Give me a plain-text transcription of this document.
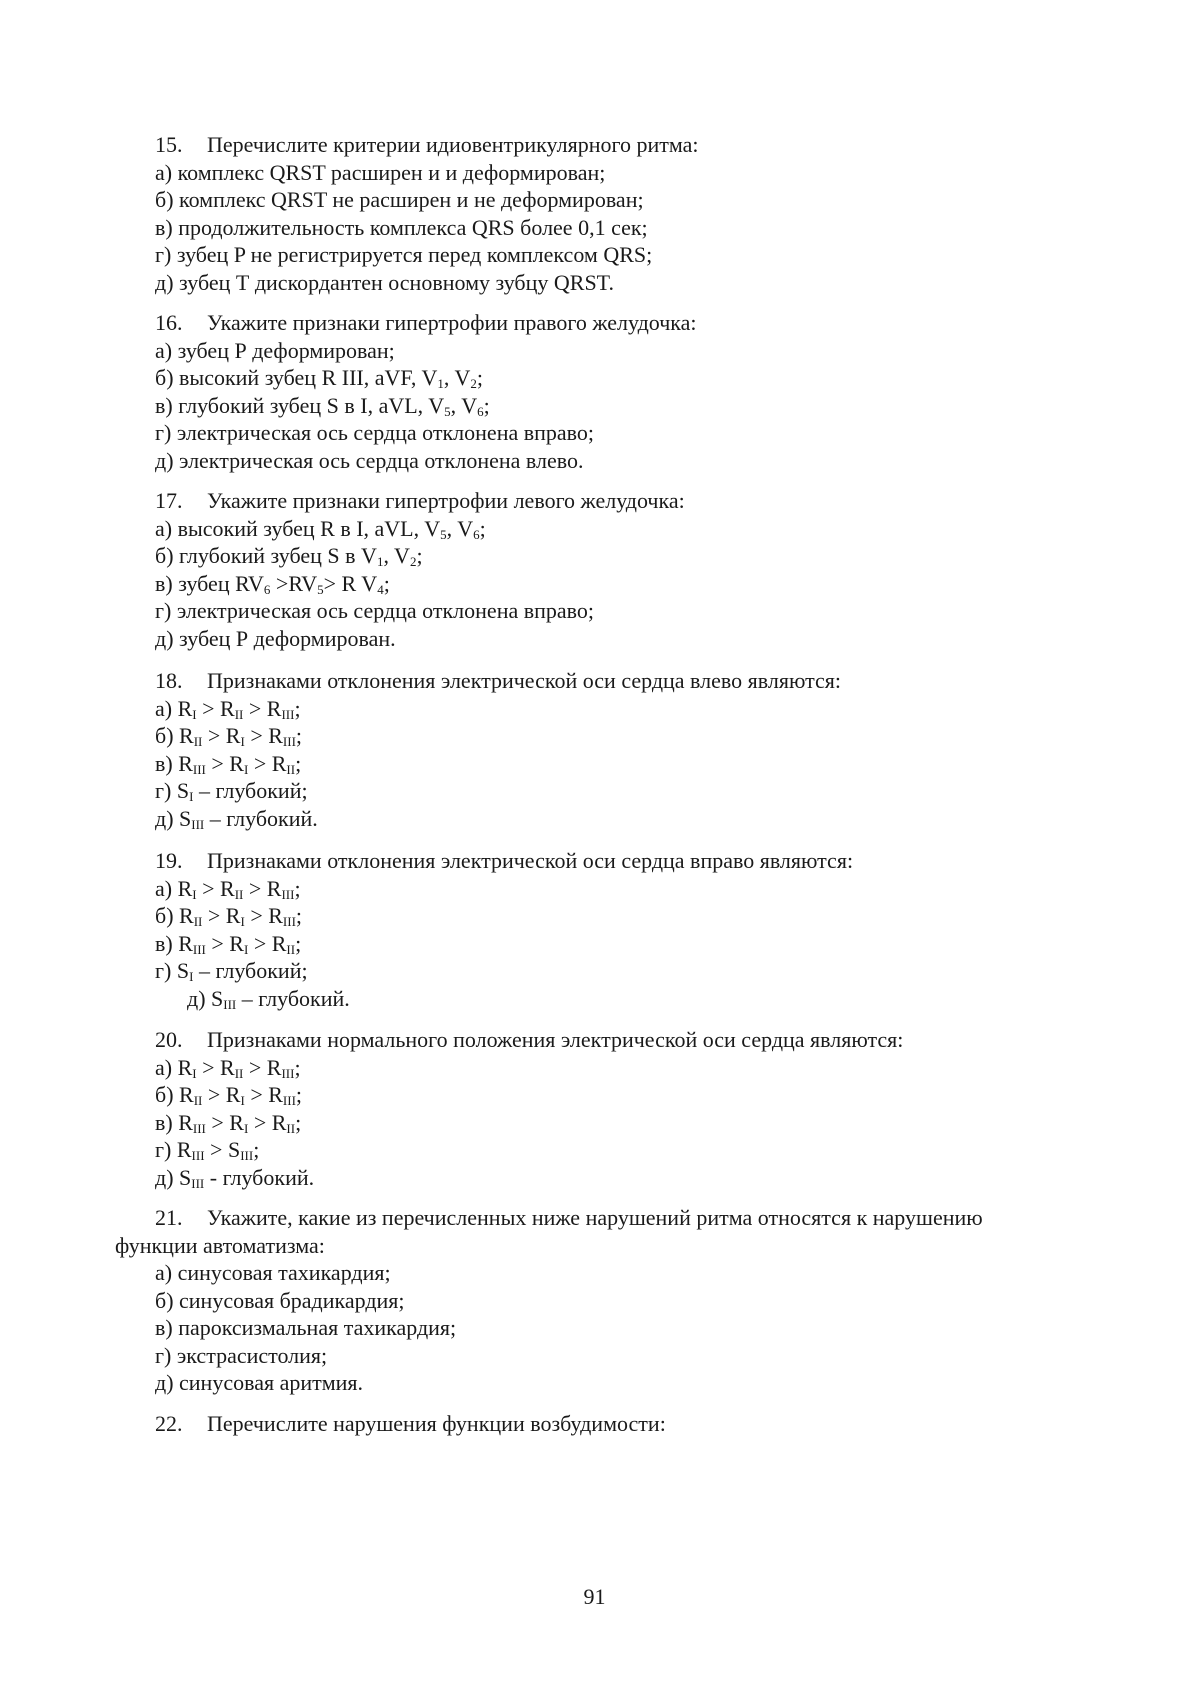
15. Перечислите критерии идиовентрикулярного ритма:
а) комплекс QRST расширен и и деформирован;
б) комплекс QRST не расширен и не деформирован;
в) продолжительность комплекса QRS более 0,1 сек;
г) зубец P не регистрируется перед комплексом QRS;
д) зубец Т дискордантен основному зубцу QRST.
16. Укажите признаки гипертрофии правого желудочка:
а) зубец Р деформирован;
б) высокий зубец R III, aVF, $V_1$, $V_2$;
в) глубокий зубец S в I, aVL, $V_5$, $V_6$;
г) электрическая ось сердца отклонена вправо;
д) электрическая ось сердца отклонена влево.
17. Укажите признаки гипертрофии левого желудочка:
а) высокий зубец R в I, aVL, $V_5$, $V_6$;
б) глубокий зубец S в $V_1$, $V_2$;
в) зубец $RV_6 >RV_5> R$ $V_4$;
г) электрическая ось сердца отклонена вправо;
д) зубец Р деформирован.
18. Признаками отклонения электрической оси сердца влево являются:
а) $R_I > R_{II} > R_{III}$;
б) $R_{II} > R_I > R_{III}$;
в) $R_{III} > R_I > R_{II}$;
г) $S_I$ – глубокий;
д) $S_{III}$ – глубокий.
19. Признаками отклонения электрической оси сердца вправо являются:
а) $R_I > R_{II} > R_{III}$;
б) $R_{II} > R_I > R_{III}$;
в) $R_{III} > R_I > R_{II}$;
г) $S_I$ – глубокий;
д) $S_{III}$ – глубокий.
20. Признаками нормального положения электрической оси сердца являются:
а) $R_I > R_{II} > R_{III}$;
б) $R_{II} > R_I > R_{III}$;
в) $R_{III} > R_I > R_{II}$;
г) $R_{III} > S_{III}$;
д) $S_{III}$ - глубокий.
21. Укажите, какие из перечисленных ниже нарушений ритма относятся к нарушению
функции автоматизма:
а) синусовая тахикардия;
б) синусовая брадикардия;
в) пароксизмальная тахикардия;
г) экстрасистолия;
д) синусовая аритмия.
22. Перечислите нарушения функции возбудимости:
91
